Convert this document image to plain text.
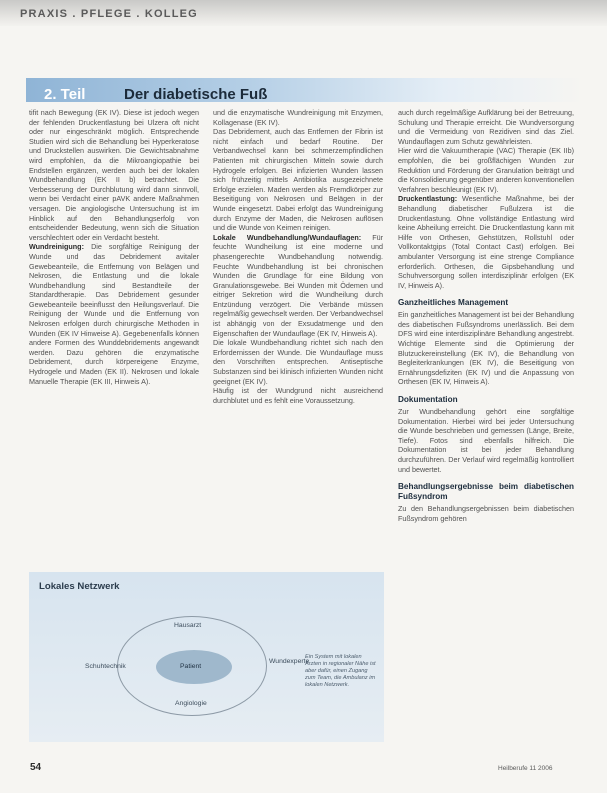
PRAXIS . PFLEGE . KOLLEG
2. Teil	Der diabetische Fuß

tifit nach Bewegung (EK IV). Diese ist jedoch wegen der fehlenden Druckentlastung bei Ulzera oft nicht oder nur eingeschränkt möglich. Entsprechende Studien wird sich die Behandlung bei Hyperkeratose und Druckstellen auswirken. Die Gewichtsabnahme wird empfohlen, da die Mikroangiopathie bei Endstellen ergänzen, werden auch bei der lokalen Wundbehandlung (EK II b) betrachtet. Die Verbesserung der Durchblutung wird dann sinnvoll, wenn bei Verdacht einer pAVK andere Maßnahmen versagen. Die angiologische Untersuchung ist im Hinblick auf den Behandlungserfolg von entscheidender Bedeutung, wenn sich die Situation verschlechtert oder ein Verdacht besteht.

Wundreinigung: Die sorgfältige Reinigung der Wunde und das Debridement avitaler Gewebeanteile, die Entfernung von Belägen und Nekrosen, die Entlastung und die lokale Wundbehandlung sind Bestandteile der Standardtherapie. Das Debridement gesunder Gewebeanteile beeinflusst den Heilungsverlauf. Die Reinigung der Wunde und die Entfernung von Nekrosen erfolgen durch chirurgische Methoden in Wunden (EK IV Hinweise A). Gegebenenfalls können andere Formen des Wunddebridements angewandt werden. Dazu gehören die enzymatische Debridement, durch körpereigene Enzyme, Hydrogele und Maden (EK II). Nekrosen und lokale Manuelle Therapie (EK III, Hinweis A).

und die enzymatische Wundreinigung mit Enzymen, Kollagenase (EK IV).

Das Debridement, auch das Entfernen der Fibrin ist nicht einfach und bedarf Routine. Der Verbandwechsel kann bei schmerzempfindlichen Patienten mit chirurgischen Mitteln sowie durch Hydrogele erfolgen. Bei infizierten Wunden lassen sich frühzeitig mittels Antibiotika ausgezeichnete Erfolge erzielen. Maden werden als Fremdkörper zur Beseitigung von Nekrosen und Belägen in der Wunde eingesetzt. Dabei erfolgt das Wundreinigung durch Enzyme der Maden, die Nekrosen auflösen und die Wunde von Keimen reinigen.

Lokale Wundbehandlung/Wundauflagen: Für feuchte Wundheilung ist eine moderne und phasengerechte Wundbehandlung notwendig. Feuchte Wundbehandlung ist bei chronischen Wunden die Grundlage für eine Bildung von Granulationsgewebe. Bei Wunden mit Ödemen und eitriger Sekretion wird die Wundheilung durch Entzündung verzögert. Die Verbände müssen regelmäßig gewechselt werden. Der Verbandwechsel ist abhängig von der Exsudatmenge und den Eigenschaften der Wundauflage (EK IV, Hinweis A).

Die lokale Wundbehandlung richtet sich nach den Erfordernissen der Wunde. Die Wundauflage muss den Vorschriften entsprechen. Antiseptische Substanzen sind bei klinisch infizierten Wunden nicht geeignet (EK IV).

Häufig ist der Wundgrund nicht ausreichend durchblutet und es fehlt eine Voraussetzung.

auch durch regelmäßige Aufklärung bei der Betreuung, Schulung und Therapie erreicht. Die Wundversorgung und die Vermeidung von Rezidiven sind das Ziel. Wundauflagen zum Schutz gewährleisten.

Hier wird die Vakuumtherapie (VAC) Therapie (EK IIb) empfohlen, die bei großflächigen Wunden zur Reduktion und Förderung der Granulation beiträgt und die Konsolidierung gegenüber anderen konventionellen Verfahren beschleunigt (EK IV).

Druckentlastung: Wesentliche Maßnahme, bei der Behandlung diabetischer Fußulzera ist die Druckentlastung. Ohne vollständige Entlastung wird keine Abheilung erreicht. Die Druckentlastung kann mit Hilfe von Orthesen, Gehstützen, Rollstuhl oder Vollkontaktgips (Total Contact Cast) erfolgen. Bei ambulanter Versorgung ist eine strenge Compliance erforderlich. Orthesen, die Gipsbehandlung und Schuhversorgung sollen interdisziplinär erfolgen (EK IV, Hinweis A).

Ganzheitliches Management

Ein ganzheitliches Management ist bei der Behandlung des diabetischen Fußsyndroms unerlässlich. Bei dem DFS wird eine interdisziplinäre Behandlung angestrebt. Wichtige Elemente sind die Optimierung der Blutzuckereinstellung (EK IV), die Behandlung von Begleiterkrankungen (EK IV), die Beseitigung von Ernährungsdefiziten (EK IV) und die Anpassung von Orthesen (EK IV, Hinweis A).

Dokumentation

Zur Wundbehandlung gehört eine sorgfältige Dokumentation. Hierbei wird bei jeder Untersuchung die Wunde beschrieben und gemessen (Länge, Breite, Tiefe). Fotos sind ebenfalls hilfreich. Die Dokumentation ist bei jeder Behandlung durchzuführen. Der Verlauf wird regelmäßig kontrolliert und bewertet.

Behandlungsergebnisse beim diabetischen Fußsyndrom

Zu den Behandlungsergebnissen beim diabetischen Fußsyndrom gehören

Lokales Netzwerk
Patient
Hausarzt
Schuhtechnik
Wundexperte
Angiologie
Ein System mit lokalen Ärzten in regionaler Nähe ist aber dafür, einen Zugang zum Team, die Ambulanz im lokalen Netzwerk.
54	Heilberufe 11 2006
